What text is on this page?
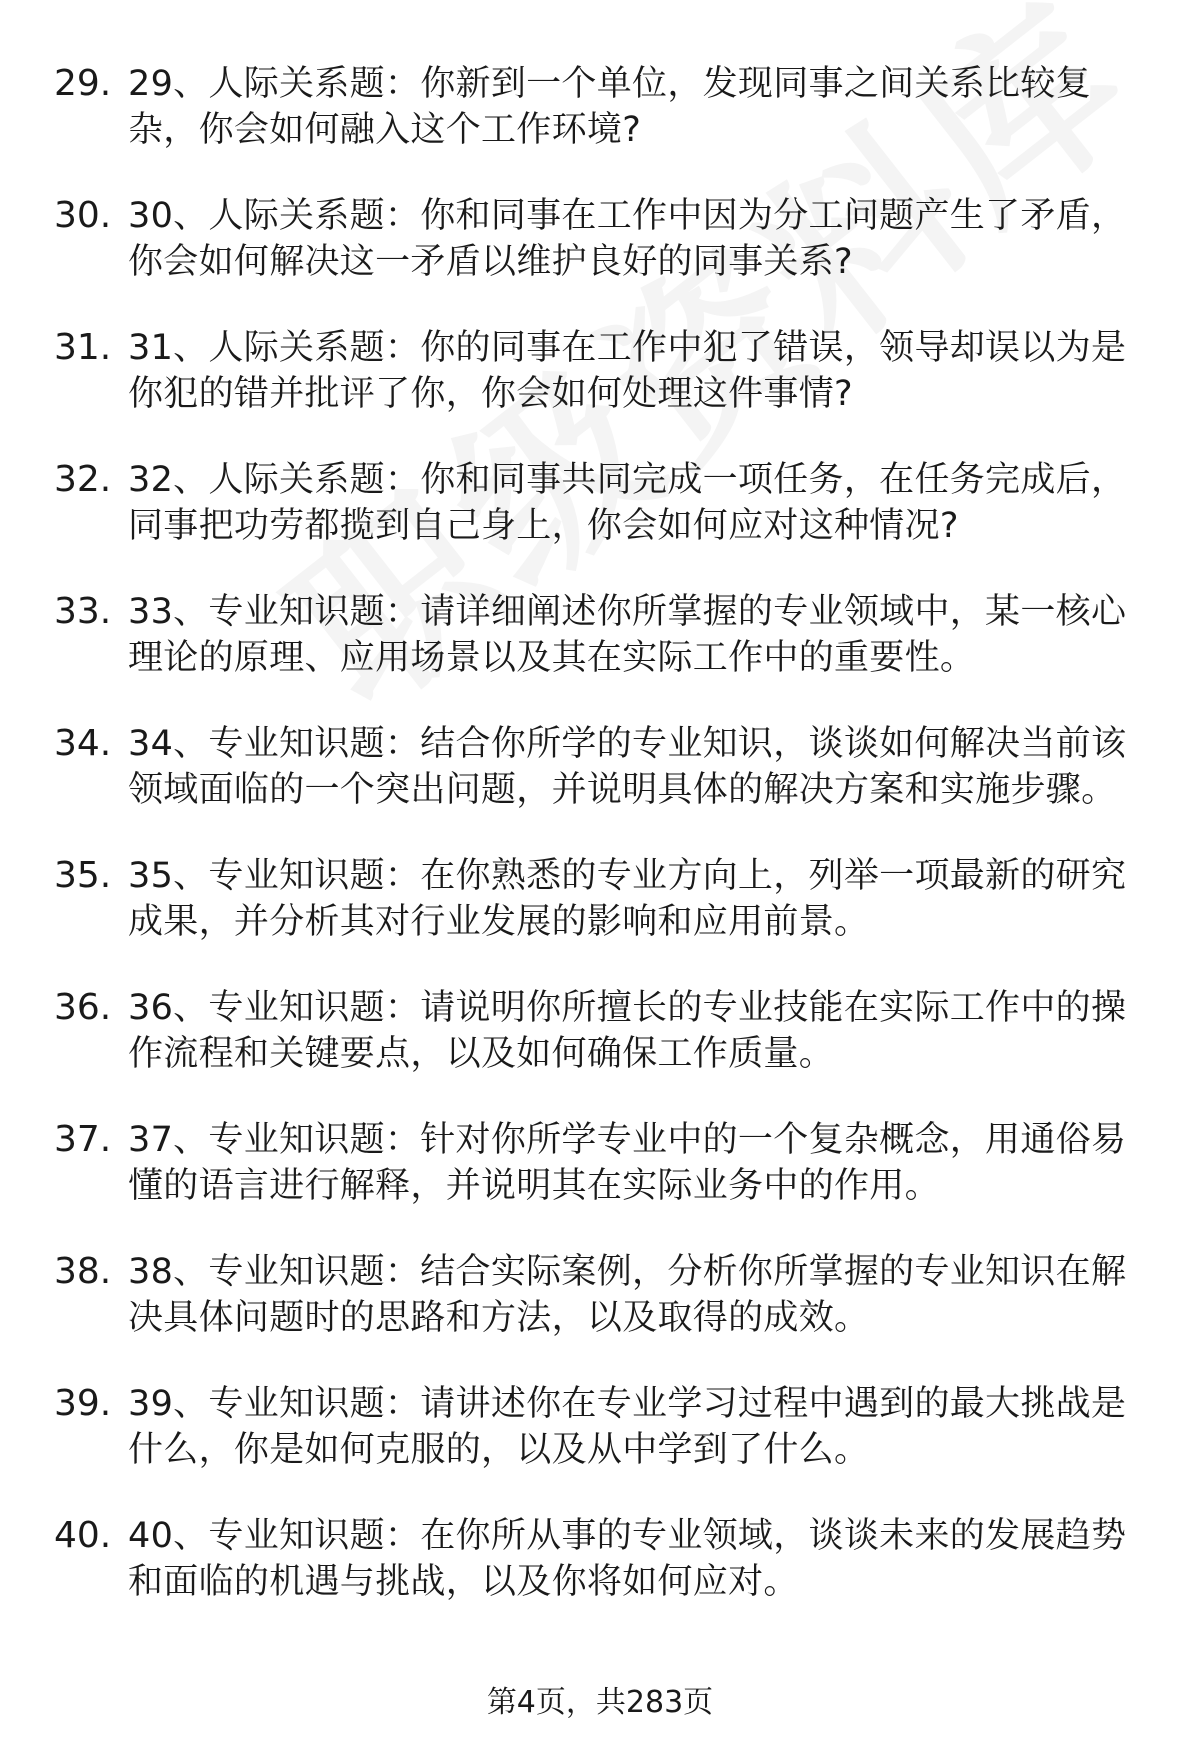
29. 29、人际关系题：你新到一个单位，发现同事之间关系比较复杂，你会如何融入这个工作环境?
30. 30、人际关系题：你和同事在工作中因为分工问题产生了矛盾，你会如何解决这一矛盾以维护良好的同事关系?
31. 31、人际关系题：你的同事在工作中犯了错误，领导却误以为是你犯的错并批评了你，你会如何处理这件事情?
32. 32、人际关系题：你和同事共同完成一项任务，在任务完成后，同事把功劳都揽到自己身上，你会如何应对这种情况?
33. 33、专业知识题：请详细阐述你所掌握的专业领域中，某一核心理论的原理、应用场景以及其在实际工作中的重要性。
34. 34、专业知识题：结合你所学的专业知识，谈谈如何解决当前该领域面临的一个突出问题，并说明具体的解决方案和实施步骤。
35. 35、专业知识题：在你熟悉的专业方向上，列举一项最新的研究成果，并分析其对行业发展的影响和应用前景。
36. 36、专业知识题：请说明你所擅长的专业技能在实际工作中的操作流程和关键要点，以及如何确保工作质量。
37. 37、专业知识题：针对你所学专业中的一个复杂概念，用通俗易懂的语言进行解释，并说明其在实际业务中的作用。
38. 38、专业知识题：结合实际案例，分析你所掌握的专业知识在解决具体问题时的思路和方法，以及取得的成效。
39. 39、专业知识题：请讲述你在专业学习过程中遇到的最大挑战是什么，你是如何克服的，以及从中学到了什么。
40. 40、专业知识题：在你所从事的专业领域，谈谈未来的发展趋势和面临的机遇与挑战，以及你将如何应对。
第4页，共283页
